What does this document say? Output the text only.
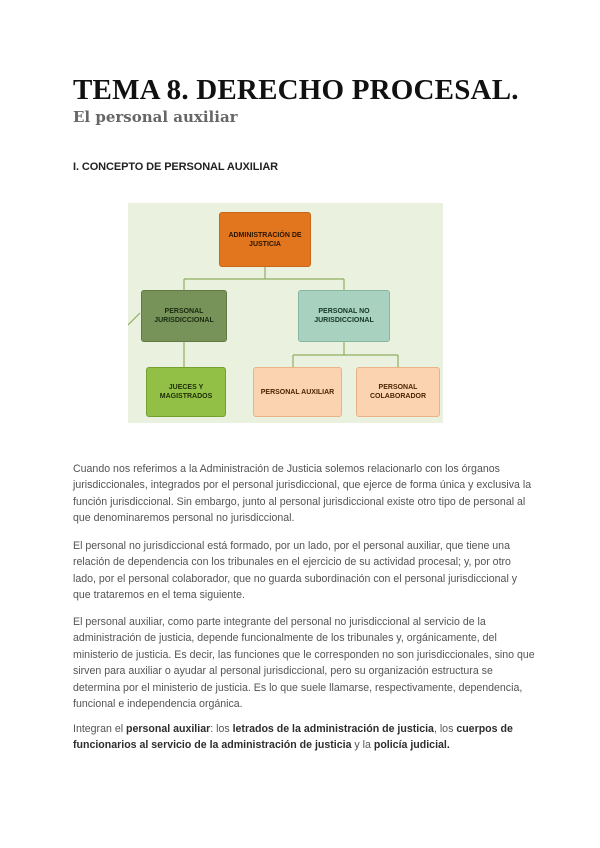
TEMA 8. DERECHO PROCESAL.
El personal auxiliar
I. CONCEPTO DE PERSONAL AUXILIAR
ADMINISTRACIÓN DE JUSTICIA
PERSONAL JURISDICCIONAL
PERSONAL NO JURISDICCIONAL
JUECES Y MAGISTRADOS
PERSONAL AUXILIAR
PERSONAL COLABORADOR

Cuando nos referimos a la Administración de Justicia solemos relacionarlo con los órganos jurisdiccionales, integrados por el personal jurisdiccional, que ejerce de forma única y exclusiva la función jurisdiccional. Sin embargo, junto al personal jurisdiccional existe otro tipo de personal al que denominaremos personal no jurisdiccional.

El personal no jurisdiccional está formado, por un lado, por el personal auxiliar, que tiene una relación de dependencia con los tribunales en el ejercicio de su actividad procesal; y, por otro lado, por el personal colaborador, que no guarda subordinación con el personal jurisdiccional y que trataremos en el tema siguiente.

El personal auxiliar, como parte integrante del personal no jurisdiccional al servicio de la administración de justicia, depende funcionalmente de los tribunales y, orgánicamente, del ministerio de justicia. Es decir, las funciones que le corresponden no son jurisdiccionales, sino que sirven para auxiliar o ayudar al personal jurisdiccional, pero su organización estructura se determina por el ministerio de justicia. Es lo que suele llamarse, respectivamente, dependencia, funcional e independencia orgánica.

Integran el personal auxiliar: los letrados de la administración de justicia, los cuerpos de funcionarios al servicio de la administración de justicia y la policía judicial.
